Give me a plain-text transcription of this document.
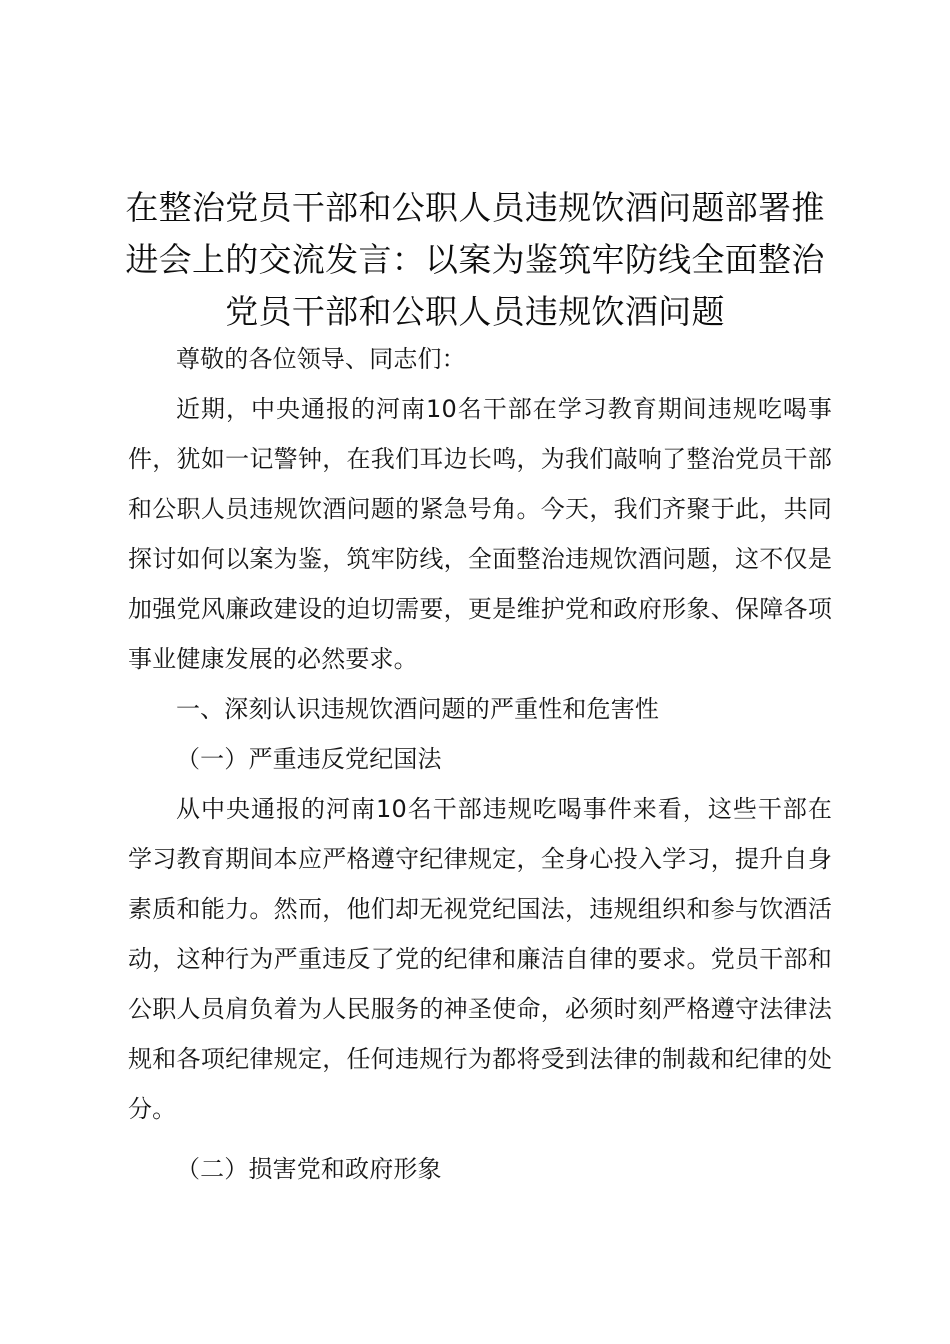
在整治党员干部和公职人员违规饮酒问题部署推进会上的交流发言：以案为鉴筑牢防线全面整治党员干部和公职人员违规饮酒问题

尊敬的各位领导、同志们：

近期，中央通报的河南10名干部在学习教育期间违规吃喝事件，犹如一记警钟，在我们耳边长鸣，为我们敲响了整治党员干部和公职人员违规饮酒问题的紧急号角。今天，我们齐聚于此，共同探讨如何以案为鉴，筑牢防线，全面整治违规饮酒问题，这不仅是加强党风廉政建设的迫切需要，更是维护党和政府形象、保障各项事业健康发展的必然要求。

一、深刻认识违规饮酒问题的严重性和危害性

（一）严重违反党纪国法

从中央通报的河南10名干部违规吃喝事件来看，这些干部在学习教育期间本应严格遵守纪律规定，全身心投入学习，提升自身素质和能力。然而，他们却无视党纪国法，违规组织和参与饮酒活动，这种行为严重违反了党的纪律和廉洁自律的要求。党员干部和公职人员肩负着为人民服务的神圣使命，必须时刻严格遵守法律法规和各项纪律规定，任何违规行为都将受到法律的制裁和纪律的处分。

（二）损害党和政府形象
